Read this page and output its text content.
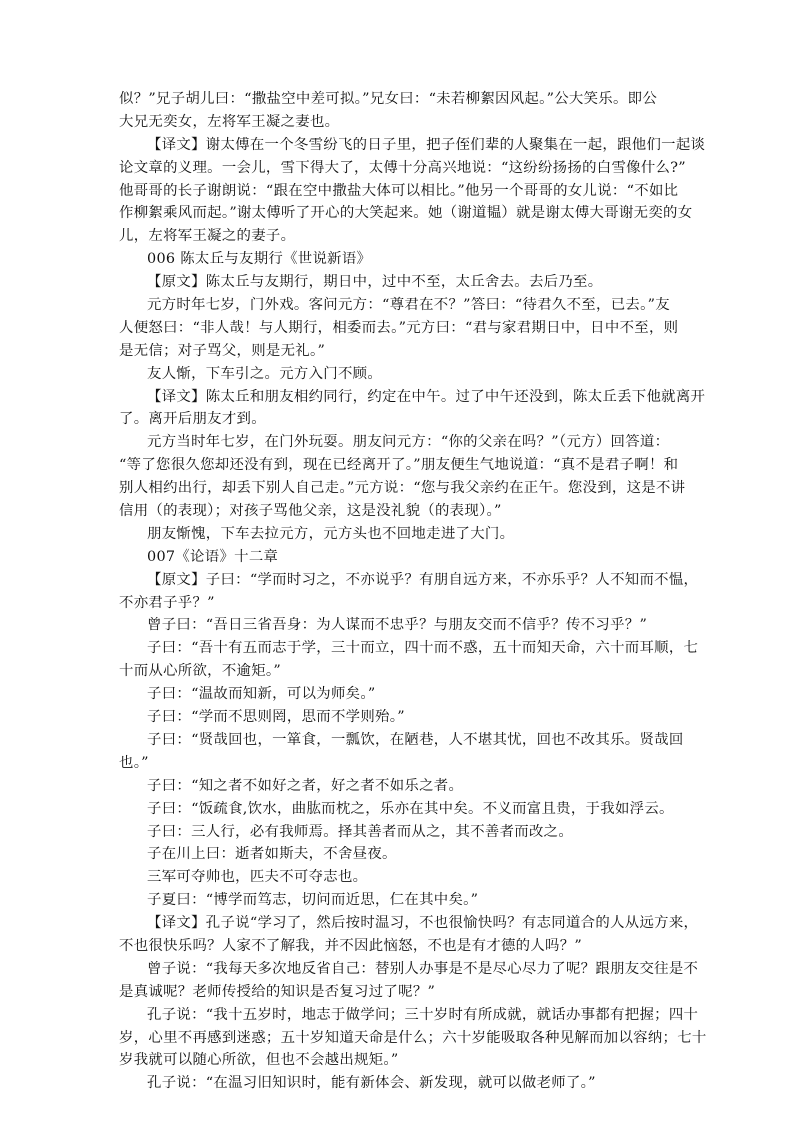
似？”兄子胡儿曰：“撒盐空中差可拟。”兄女曰：“未若柳絮因风起。”公大笑乐。即公
大兄无奕女，左将军王凝之妻也。
【译文】谢太傅在一个冬雪纷飞的日子里，把子侄们辈的人聚集在一起，跟他们一起谈
论文章的义理。一会儿，雪下得大了，太傅十分高兴地说：“这纷纷扬扬的白雪像什么?”
他哥哥的长子谢朗说：“跟在空中撒盐大体可以相比。”他另一个哥哥的女儿说：“不如比
作柳絮乘风而起。”谢太傅听了开心的大笑起来。她（谢道韫）就是谢太傅大哥谢无奕的女
儿，左将军王凝之的妻子。
006 陈太丘与友期行《世说新语》
【原文】陈太丘与友期行，期日中，过中不至，太丘舍去。去后乃至。
元方时年七岁，门外戏。客问元方：“尊君在不？”答曰：“待君久不至，已去。”友
人便怒曰：“非人哉！与人期行，相委而去。”元方曰：“君与家君期日中，日中不至，则
是无信；对子骂父，则是无礼。”
友人惭，下车引之。元方入门不顾。
【译文】陈太丘和朋友相约同行，约定在中午。过了中午还没到，陈太丘丢下他就离开
了。离开后朋友才到。
元方当时年七岁，在门外玩耍。朋友问元方：“你的父亲在吗？”（元方）回答道：
“等了您很久您却还没有到，现在已经离开了。”朋友便生气地说道：“真不是君子啊！和
别人相约出行，却丢下别人自己走。”元方说：“您与我父亲约在正午。您没到，这是不讲
信用（的表现）；对孩子骂他父亲，这是没礼貌（的表现）。”
朋友惭愧，下车去拉元方，元方头也不回地走进了大门。
007《论语》十二章
【原文】子曰：“学而时习之，不亦说乎？有朋自远方来，不亦乐乎？人不知而不愠，
不亦君子乎？”
曾子曰：“吾日三省吾身：为人谋而不忠乎？与朋友交而不信乎？传不习乎？”
子曰：“吾十有五而志于学，三十而立，四十而不惑，五十而知天命，六十而耳顺，七
十而从心所欲，不逾矩。”
子曰：“温故而知新，可以为师矣。”
子曰：“学而不思则罔，思而不学则殆。”
子曰：“贤哉回也，一箪食，一瓢饮，在陋巷，人不堪其忧，回也不改其乐。贤哉回
也。”
子曰：“知之者不如好之者，好之者不如乐之者。
子曰：“饭疏食,饮水，曲肱而枕之，乐亦在其中矣。不义而富且贵，于我如浮云。
子曰：三人行，必有我师焉。择其善者而从之，其不善者而改之。
子在川上曰：逝者如斯夫，不舍昼夜。
三军可夺帅也，匹夫不可夺志也。
子夏曰：“博学而笃志，切问而近思，仁在其中矣。”
【译文】孔子说“学习了，然后按时温习，不也很愉快吗？有志同道合的人从远方来，
不也很快乐吗？人家不了解我，并不因此恼怒，不也是有才德的人吗？”
曾子说：“我每天多次地反省自己：替别人办事是不是尽心尽力了呢？跟朋友交往是不
是真诚呢？老师传授给的知识是否复习过了呢？”
孔子说：“我十五岁时，地志于做学问；三十岁时有所成就，就话办事都有把握；四十
岁，心里不再感到迷惑；五十岁知道天命是什么；六十岁能吸取各种见解而加以容纳；七十
岁我就可以随心所欲，但也不会越出规矩。”
孔子说：“在温习旧知识时，能有新体会、新发现，就可以做老师了。”
